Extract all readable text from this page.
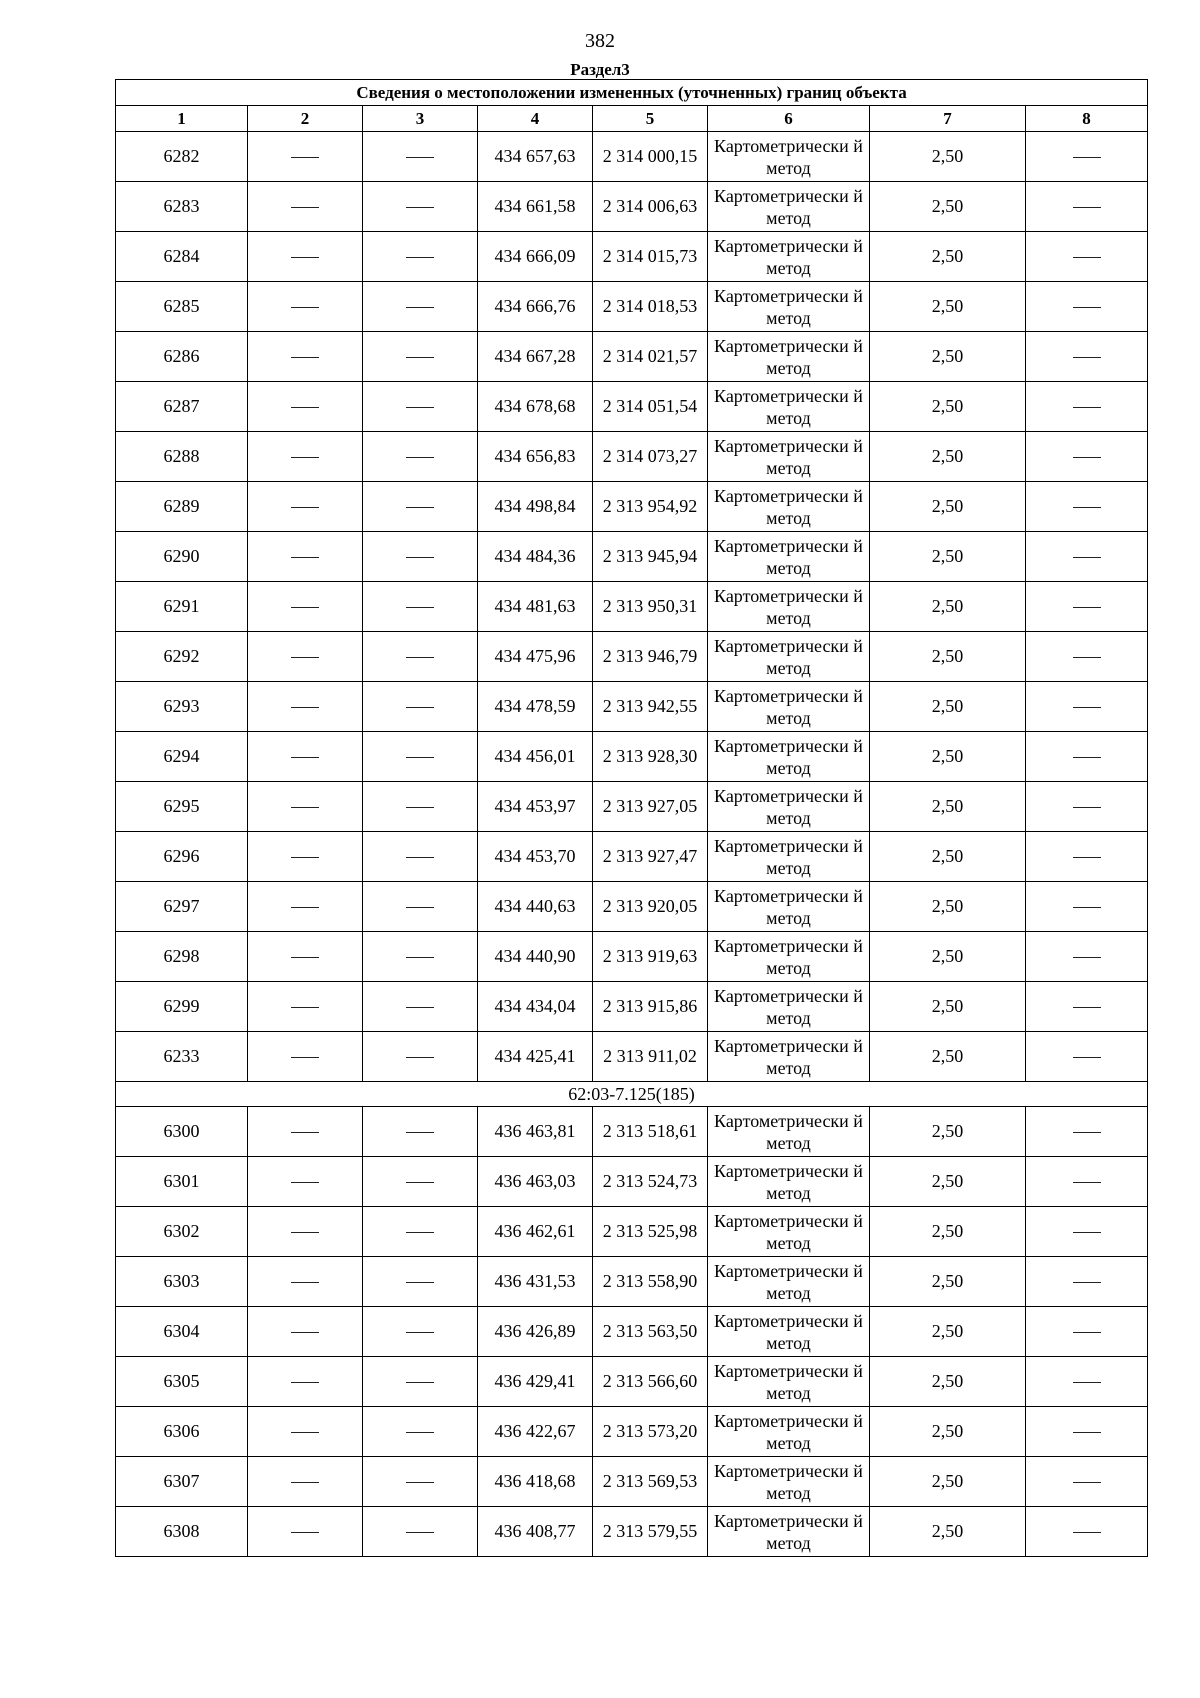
382
Раздел3
Сведения о местоположении измененных (уточненных) границ объекта							
1	2	3	4	5	6	7	8
6282			434 657,63	2 314 000,15	Картометрически й метод	2,50	
6283			434 661,58	2 314 006,63	Картометрически й метод	2,50	
6284			434 666,09	2 314 015,73	Картометрически й метод	2,50	
6285			434 666,76	2 314 018,53	Картометрически й метод	2,50	
6286			434 667,28	2 314 021,57	Картометрически й метод	2,50	
6287			434 678,68	2 314 051,54	Картометрически й метод	2,50	
6288			434 656,83	2 314 073,27	Картометрически й метод	2,50	
6289			434 498,84	2 313 954,92	Картометрически й метод	2,50	
6290			434 484,36	2 313 945,94	Картометрически й метод	2,50	
6291			434 481,63	2 313 950,31	Картометрически й метод	2,50	
6292			434 475,96	2 313 946,79	Картометрически й метод	2,50	
6293			434 478,59	2 313 942,55	Картометрически й метод	2,50	
6294			434 456,01	2 313 928,30	Картометрически й метод	2,50	
6295			434 453,97	2 313 927,05	Картометрически й метод	2,50	
6296			434 453,70	2 313 927,47	Картометрически й метод	2,50	
6297			434 440,63	2 313 920,05	Картометрически й метод	2,50	
6298			434 440,90	2 313 919,63	Картометрически й метод	2,50	
6299			434 434,04	2 313 915,86	Картометрически й метод	2,50	
6233			434 425,41	2 313 911,02	Картометрически й метод	2,50	
62:03-7.125(185)							
6300			436 463,81	2 313 518,61	Картометрически й метод	2,50	
6301			436 463,03	2 313 524,73	Картометрически й метод	2,50	
6302			436 462,61	2 313 525,98	Картометрически й метод	2,50	
6303			436 431,53	2 313 558,90	Картометрически й метод	2,50	
6304			436 426,89	2 313 563,50	Картометрически й метод	2,50	
6305			436 429,41	2 313 566,60	Картометрически й метод	2,50	
6306			436 422,67	2 313 573,20	Картометрически й метод	2,50	
6307			436 418,68	2 313 569,53	Картометрически й метод	2,50	
6308			436 408,77	2 313 579,55	Картометрически й метод	2,50	
